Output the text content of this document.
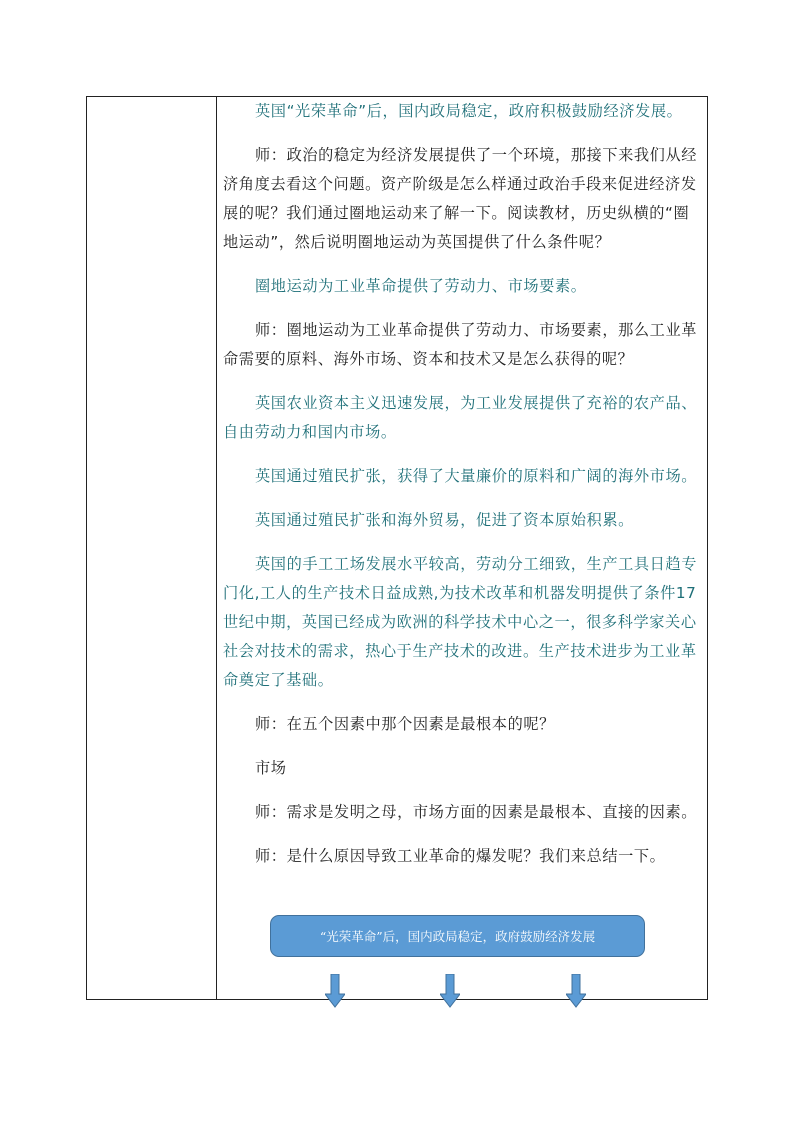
英国“光荣革命”后，国内政局稳定，政府积极鼓励经济发展。

师：政治的稳定为经济发展提供了一个环境，那接下来我们从经济角度去看这个问题。资产阶级是怎么样通过政治手段来促进经济发展的呢？我们通过圈地运动来了解一下。阅读教材，历史纵横的“圈地运动”，然后说明圈地运动为英国提供了什么条件呢？

圈地运动为工业革命提供了劳动力、市场要素。

师：圈地运动为工业革命提供了劳动力、市场要素，那么工业革命需要的原料、海外市场、资本和技术又是怎么获得的呢？

英国农业资本主义迅速发展，为工业发展提供了充裕的农产品、自由劳动力和国内市场。

英国通过殖民扩张，获得了大量廉价的原料和广阔的海外市场。

英国通过殖民扩张和海外贸易，促进了资本原始积累。

英国的手工工场发展水平较高，劳动分工细致，生产工具日趋专门化,工人的生产技术日益成熟,为技术改革和机器发明提供了条件17世纪中期，英国已经成为欧洲的科学技术中心之一，很多科学家关心社会对技术的需求，热心于生产技术的改进。生产技术进步为工业革命奠定了基础。

师：在五个因素中那个因素是最根本的呢？

市场

师：需求是发明之母，市场方面的因素是最根本、直接的因素。

师：是什么原因导致工业革命的爆发呢？我们来总结一下。

“光荣革命”后，国内政局稳定，政府鼓励经济发展
